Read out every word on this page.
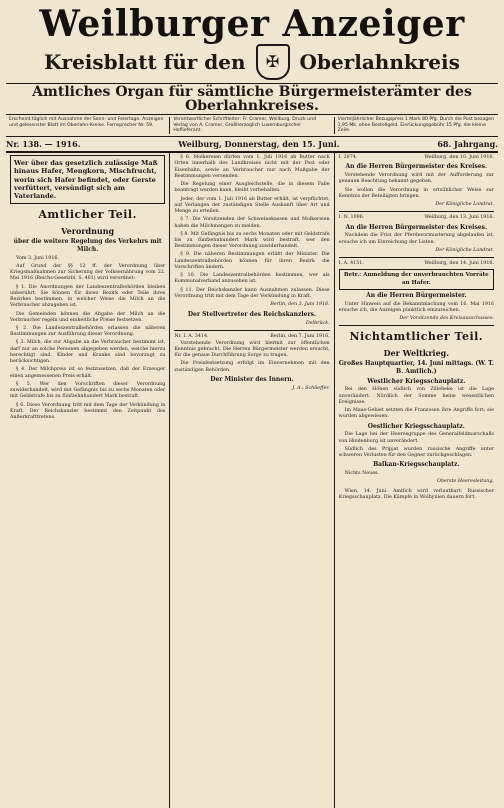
Weilburger Anzeiger
Kreisblatt für den	✠	Oberlahnkreis
Amtliches Organ für sämtliche Bürgermeisterämter des Oberlahnkreises.
Erscheint täglich mit Ausnahme der Sonn- und Feiertage. Anzeigen und gelesenster Blatt im Oberlahn-Kreise. Fernsprecher Nr. 59.
Verantwortlicher Schriftleiter: Fr. Cramer, Weilburg. Druck und Verlag von A. Cramer, Großherzoglich Luxemburgischer Hoflieferant.
Vierteljährlicher Bezugspreis 1 Mark 80 Pfg. Durch die Post bezogen 1,95 Mk. ohne Bestellgeld. Einrückungsgebühr 15 Pfg. die kleine Zeile.
Nr. 138. — 1916.	Weilburg, Donnerstag, den 15. Juni.	68. Jahrgang.
Wer über das gesetzlich zulässige Maß hinaus Hafer, Mengkorn, Mischfrucht, worin sich Hafer befindet, oder Gerste verfüttert, versündigt sich am Vaterlande.
Amtlicher Teil.
Verordnung
über die weitere Regelung des Verkehrs mit Milch.

Vom 3. Juni 1916.

Auf Grund der §§ 12 ff. der Verordnung über Kriegsmaßnahmen zur Sicherung der Volksernährung vom 22. Mai 1916 (Reichs-Gesetzbl. S. 401) wird verordnet:

§ 1. Die Anordnungen der Landeszentralbehörden bleiben unberührt. Sie können für ihren Bezirk oder Teile ihres Bezirkes bestimmen, in welcher Weise die Milch an die Verbraucher abzugeben ist.

Die Gemeinden können die Abgabe der Milch an die Verbraucher regeln und einheitliche Preise festsetzen.

§ 2. Die Landeszentralbehörden erlassen die näheren Bestimmungen zur Ausführung dieser Verordnung.

§ 3. Milch, die zur Abgabe an die Verbraucher bestimmt ist, darf nur an solche Personen abgegeben werden, welche hierzu berechtigt sind. Kinder und Kranke sind bevorzugt zu berücksichtigen.

§ 4. Der Milchpreis ist so festzusetzen, daß der Erzeuger einen angemessenen Preis erhält.

§ 5. Wer den Vorschriften dieser Verordnung zuwiderhandelt, wird mit Gefängnis bis zu sechs Monaten oder mit Geldstrafe bis zu fünfzehnhundert Mark bestraft.

§ 6. Diese Verordnung tritt mit dem Tage der Verkündung in Kraft. Der Reichskanzler bestimmt den Zeitpunkt des Außerkrafttretens.

§ 6. Molkereien dürfen vom 1. Juli 1916 ab Butter nach Orten innerhalb des Landkreises nicht mit der Post oder Eisenbahn, sowie an Verbraucher nur nach Maßgabe der Bestimmungen versenden.

Die Regelung einer Ausgleichstelle, die in diesem Falle beantragt werden kann, bleibt vorbehalten.

Jeder, der vom 1. Juli 1916 ab Butter erhält, ist verpflichtet, auf Verlangen der zuständigen Stelle Auskunft über Art und Menge zu erteilen.

§ 7. Die Vorsitzenden der Schweinekassen und Molkereien haben die Milchmengen zu melden.

§ 8. Mit Gefängnis bis zu sechs Monaten oder mit Geldstrafe bis zu fünfzehnhundert Mark wird bestraft, wer den Bestimmungen dieser Verordnung zuwiderhandelt.

§ 9. Die näheren Bestimmungen erläßt der Minister. Die Landeszentralbehörden können für ihren Bezirk die Vorschriften ändern.

§ 10. Die Landeszentralbehörden bestimmen, wer als Kommunalverband anzusehen ist.

§ 11. Der Reichskanzler kann Ausnahmen zulassen. Diese Verordnung tritt mit dem Tage der Verkündung in Kraft.

Berlin, den 3. Juni 1916.
Der Stellvertreter des Reichskanzlers.
Delbrück.
Nr. I. A. 3414.	Berlin, den 7. Juni 1916.

Vorstehende Verordnung wird hiermit zur öffentlichen Kenntnis gebracht. Die Herren Bürgermeister werden ersucht, für die genaue Durchführung Sorge zu tragen.

Die Preisfestsetzung erfolgt im Einvernehmen mit den zuständigen Behörden.

Der Minister des Innern.
J. A.: Schlieffer.
I. 2874.	Weilburg, den 10. Juni 1916.
An die Herren Bürgermeister des Kreises.

Vorstehende Verordnung wird mit der Aufforderung zur genauen Beachtung bekannt gegeben.

Sie wollen die Verordnung in ortsüblicher Weise zur Kenntnis der Beteiligten bringen.

Der Königliche Landrat.
I. N. 1096.	Weilburg, den 13. Juni 1916.
An die Herren Bürgermeister des Kreises.

Nachdem die Frist der Pferdevormusterung abgelaufen ist, ersuche ich um Einreichung der Listen.

Der Königliche Landrat.
I. A. 4151.	Weilburg, den 14. Juni 1916.
Betr.: Anmeldung der unverbrauchten Vorräte an Hafer.
An die Herren Bürgermeister.

Unter Hinweis auf die Bekanntmachung vom 16. Mai 1916 ersuche ich, die Anzeigen pünktlich einzureichen.

Der Vorsitzende des Kreisausschusses.
Nichtamtlicher Teil.
Der Weltkrieg.
Großes Hauptquartier, 14. Juni mittags. (W. T. B. Amtlich.)
Westlicher Kriegsschauplatz.

Bei den Höhen südlich von Zillebeke ist die Lage unverändert. Nördlich der Somme keine wesentlichen Ereignisse.

Im Maas-Gebiet setzten die Franzosen ihre Angriffe fort; sie wurden abgewiesen.

Oestlicher Kriegsschauplatz.

Die Lage bei der Heeresgruppe des Generalfeldmarschalls von Hindenburg ist unverändert.

Südlich des Pripjat wurden russische Angriffe unter schweren Verlusten für den Gegner zurückgeschlagen.

Balkan-Kriegsschauplatz.

Nichts Neues.

Oberste Heeresleitung.

Wien, 14. Juni. Amtlich wird verlautbart: Russischer Kriegsschauplatz. Die Kämpfe in Wolhynien dauern fort.
